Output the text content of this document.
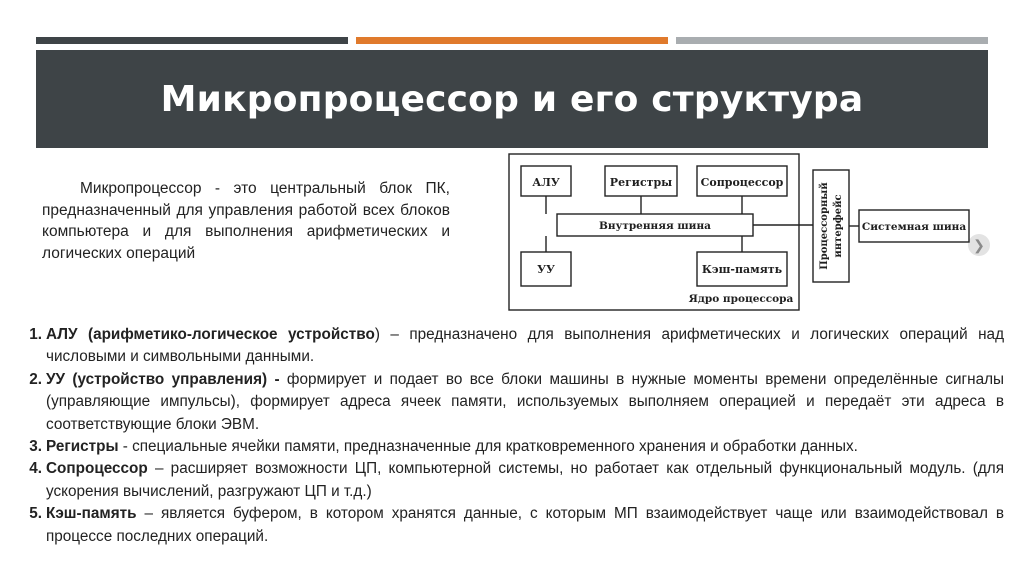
Микропроцессор и его структура
❯
Микропроцессор - это центральный блок ПК, предназначенный для управления работой всех блоков компьютера и для выполнения арифметических и логических операций
АЛУ	Регистры	Сопроцессор
Внутренняя шина
УУ	Кэш-память
Ядро процессора
Процессорный интерфейс Системная шина
1. АЛУ (арифметико-логическое устройство) – предназначено для выполнения арифметических и логических операций над числовыми и символьными данными.
2. УУ (устройство управления) - формирует и подает во все блоки машины в нужные моменты времени определённые сигналы (управляющие импульсы), формирует адреса ячеек памяти, используемых выполняем операцией и передаёт эти адреса в соответствующие блоки ЭВМ.
3. Регистры - специальные ячейки памяти, предназначенные для кратковременного хранения и обработки данных.
4. Сопроцессор – расширяет возможности ЦП, компьютерной системы, но работает как отдельный функциональный модуль. (для ускорения вычислений, разгружают ЦП и т.д.)
5. Кэш-память – является буфером, в котором хранятся данные, с которым МП взаимодействует чаще или взаимодействовал в процессе последних операций.
